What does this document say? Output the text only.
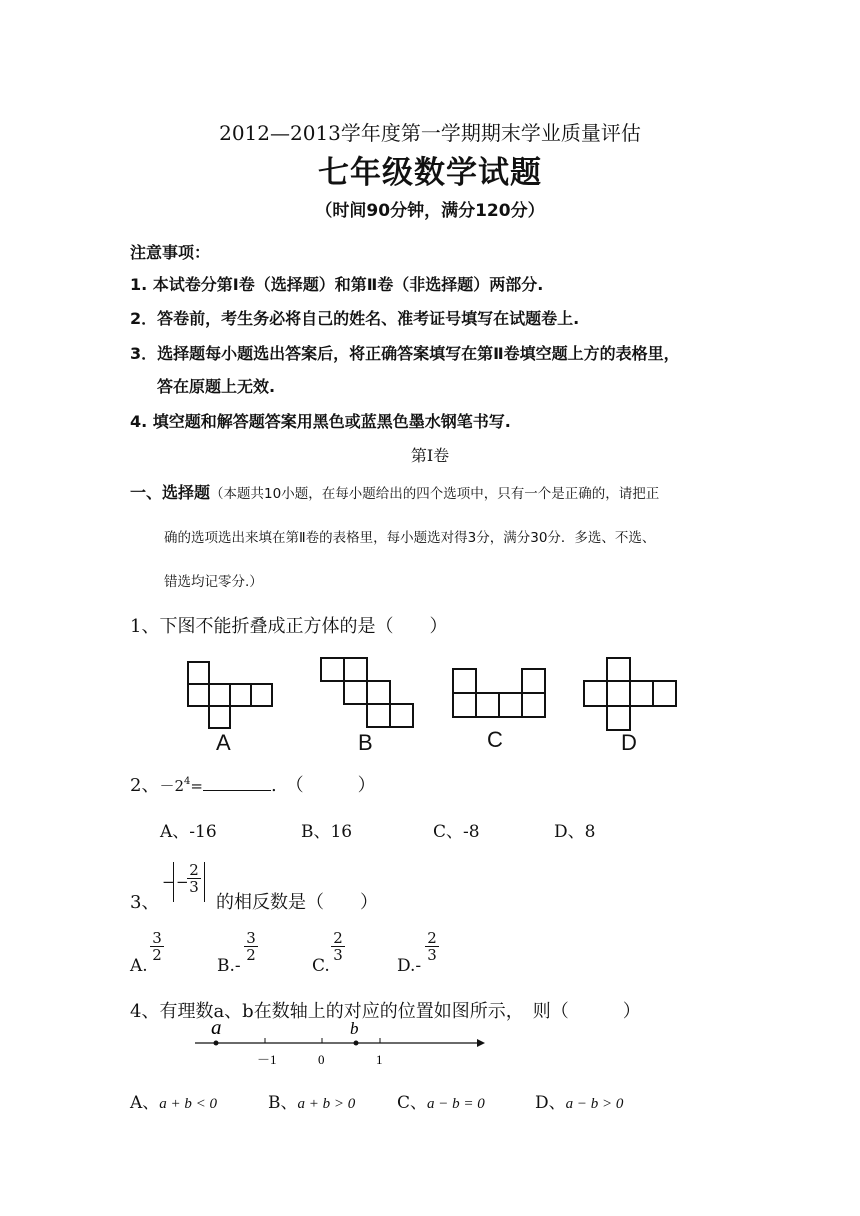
2012—2013学年度第一学期期末学业质量评估
七年级数学试题
（时间90分钟，满分120分）
注意事项：
1. 本试卷分第Ⅰ卷（选择题）和第Ⅱ卷（非选择题）两部分.
2．答卷前，考生务必将自己的姓名、准考证号填写在试题卷上.
3．选择题每小题选出答案后，将正确答案填写在第Ⅱ卷填空题上方的表格里，
答在原题上无效.
4. 填空题和解答题答案用黑色或蓝黑色墨水钢笔书写.
第Ⅰ卷
一、选择题（本题共10小题，在每小题给出的四个选项中，只有一个是正确的，请把正
确的选项选出来填在第Ⅱ卷的表格里，每小题选对得3分，满分30分．多选、不选、
错选均记零分.）
1、下图不能折叠成正方体的是（　　）
A	B	C	D
2、$-2^4=$	.　（　　　）
A、-16	B、16	C、-8	D、8
3、
− −
$\frac{2}{3}$
的相反数是（　　）
A.
$\frac{3}{2}$
B.-
$\frac{3}{2}$
C.
$\frac{2}{3}$
D.-
$\frac{2}{3}$
4、有理数a、b在数轴上的对应的位置如图所示，　则（　　　）
a	b
－1	0	1
A、a + b < 0	B、a + b > 0 C、a − b = 0	D、a − b > 0
